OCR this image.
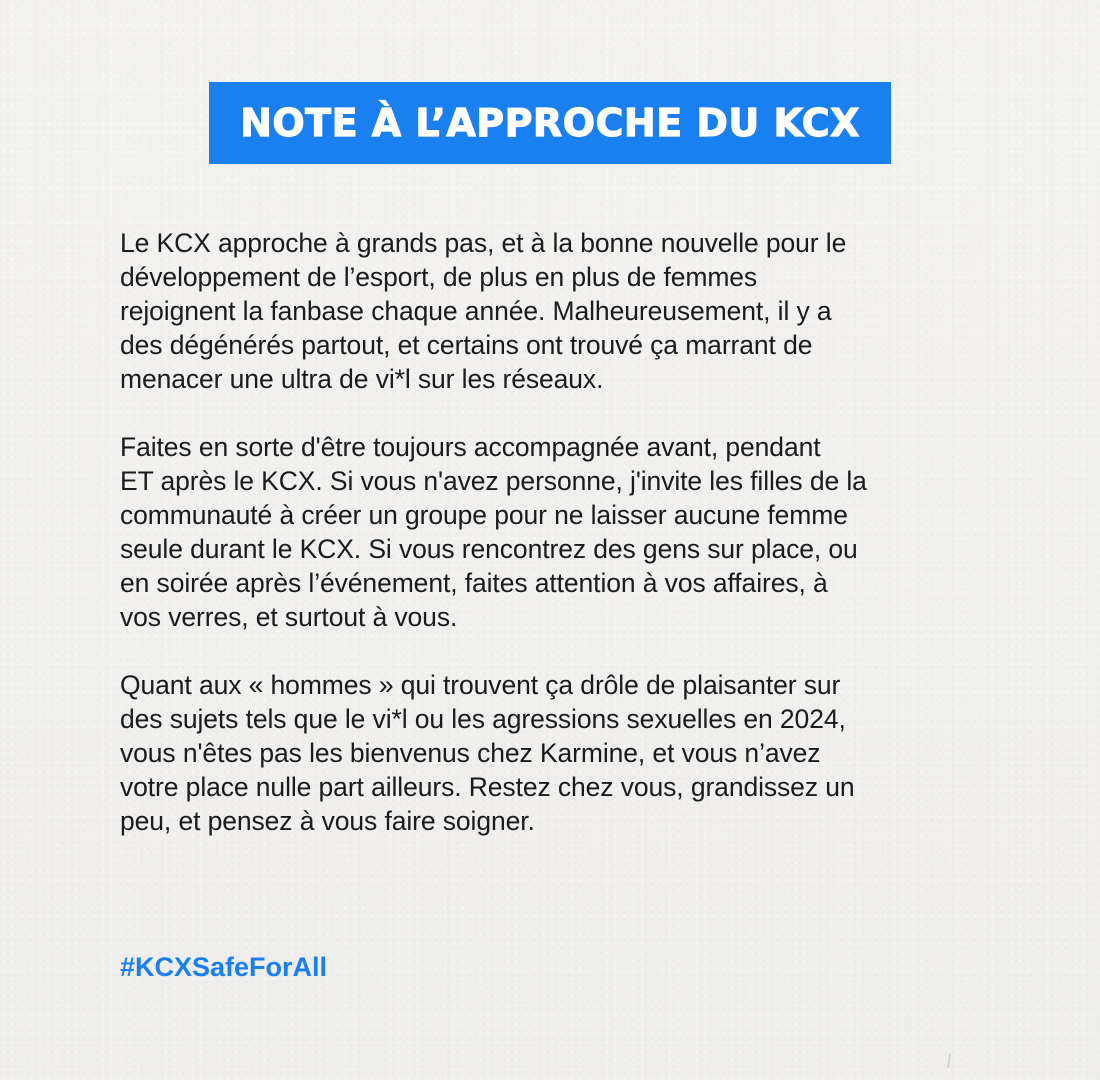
NOTE À L’APPROCHE DU KCX

Le KCX approche à grands pas, et à la bonne nouvelle pour le
développement de l’esport, de plus en plus de femmes
rejoignent la fanbase chaque année. Malheureusement, il y a
des dégénérés partout, et certains ont trouvé ça marrant de
menacer une ultra de vi*l sur les réseaux.

Faites en sorte d'être toujours accompagnée avant, pendant
ET après le KCX. Si vous n'avez personne, j'invite les filles de la
communauté à créer un groupe pour ne laisser aucune femme
seule durant le KCX. Si vous rencontrez des gens sur place, ou
en soirée après l’événement, faites attention à vos affaires, à
vos verres, et surtout à vous.

Quant aux « hommes » qui trouvent ça drôle de plaisanter sur
des sujets tels que le vi*l ou les agressions sexuelles en 2024,
vous n'êtes pas les bienvenus chez Karmine, et vous n’avez
votre place nulle part ailleurs. Restez chez vous, grandissez un
peu, et pensez à vous faire soigner.

#KCXSafeForAll
